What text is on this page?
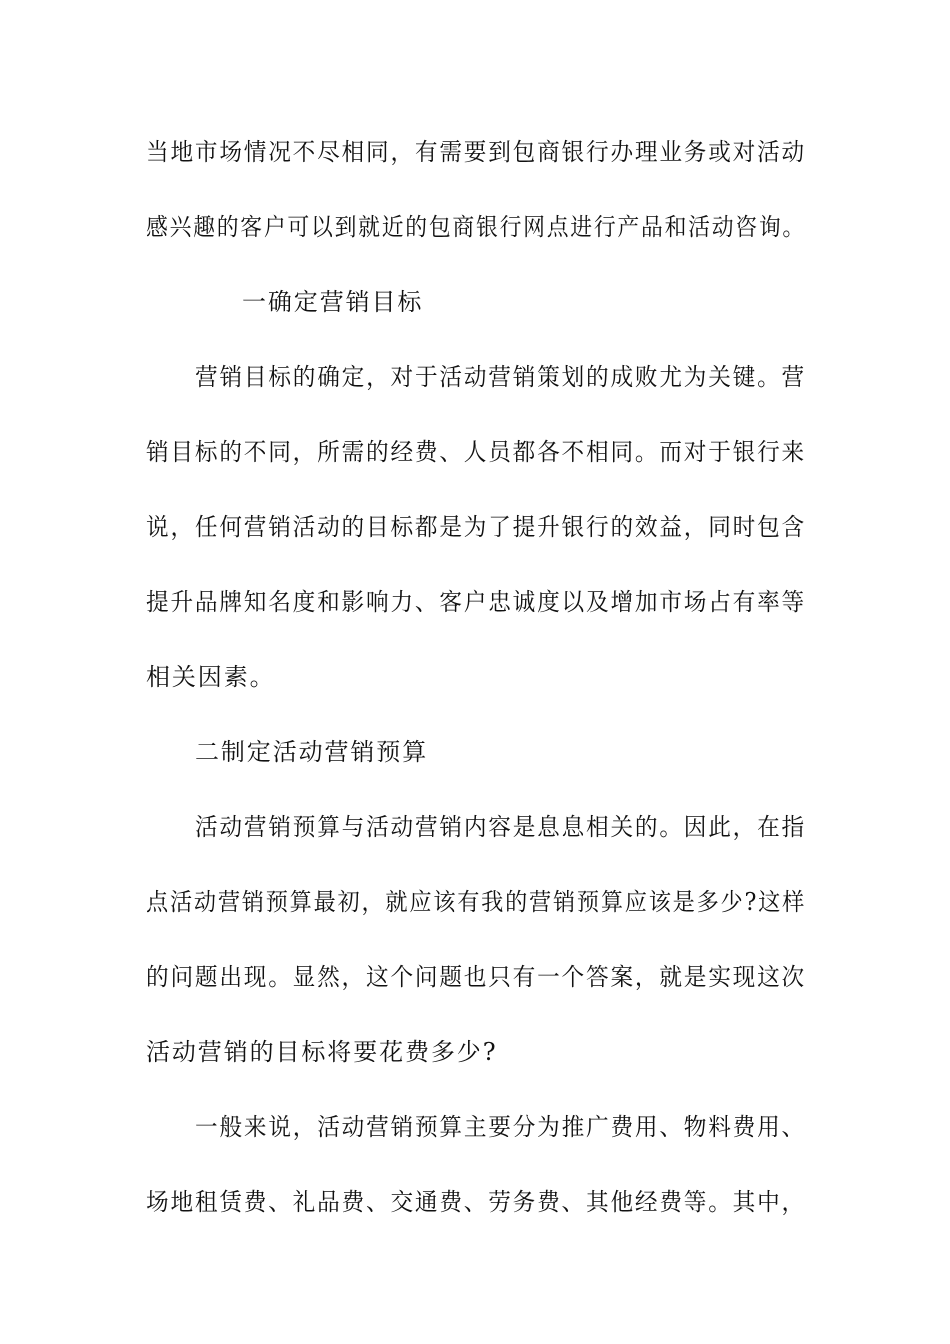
当地市场情况不尽相同，有需要到包商银行办理业务或对活动

感兴趣的客户可以到就近的包商银行网点进行产品和活动咨询。

一确定营销目标

营销目标的确定，对于活动营销策划的成败尤为关键。营

销目标的不同，所需的经费、人员都各不相同。而对于银行来

说，任何营销活动的目标都是为了提升银行的效益，同时包含

提升品牌知名度和影响力、客户忠诚度以及增加市场占有率等

相关因素。

二制定活动营销预算

活动营销预算与活动营销内容是息息相关的。因此，在指

点活动营销预算最初，就应该有我的营销预算应该是多少?这样

的问题出现。显然，这个问题也只有一个答案，就是实现这次

活动营销的目标将要花费多少?

一般来说，活动营销预算主要分为推广费用、物料费用、

场地租赁费、礼品费、交通费、劳务费、其他经费等。其中，
